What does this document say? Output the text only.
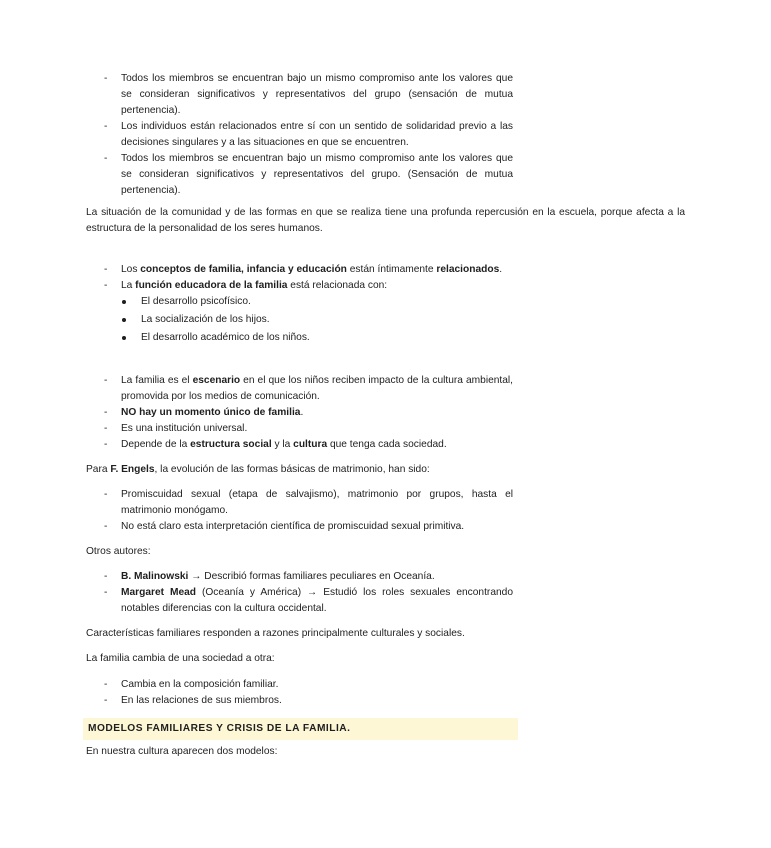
- Todos los miembros se encuentran bajo un mismo compromiso ante los valores que se consideran significativos y representativos del grupo (sensación de mutua pertenencia).
- Los individuos están relacionados entre sí con un sentido de solidaridad previo a las decisiones singulares y a las situaciones en que se encuentren.
- Todos los miembros se encuentran bajo un mismo compromiso ante los valores que se consideran significativos y representativos del grupo. (Sensación de mutua pertenencia).

La situación de la comunidad y de las formas en que se realiza tiene una profunda repercusión en la escuela, porque afecta a la estructura de la personalidad de los seres humanos.

- Los conceptos de familia, infancia y educación están íntimamente relacionados.
- La función educadora de la familia está relacionada con:
El desarrollo psicofísico.
La socialización de los hijos.
El desarrollo académico de los niños.
- La familia es el escenario en el que los niños reciben impacto de la cultura ambiental, promovida por los medios de comunicación.
- NO hay un momento único de familia.
- Es una institución universal.
- Depende de la estructura social y la cultura que tenga cada sociedad.

Para F. Engels, la evolución de las formas básicas de matrimonio, han sido:

- Promiscuidad sexual (etapa de salvajismo), matrimonio por grupos, hasta el matrimonio monógamo.
- No está claro esta interpretación científica de promiscuidad sexual primitiva.

Otros autores:

- B. Malinowski → Describió formas familiares peculiares en Oceanía.
- Margaret Mead (Oceanía y América) → Estudió los roles sexuales encontrando notables diferencias con la cultura occidental.

Características familiares responden a razones principalmente culturales y sociales.

La familia cambia de una sociedad a otra:

- Cambia en la composición familiar.
- En las relaciones de sus miembros.
MODELOS FAMILIARES Y CRISIS DE LA FAMILIA.

En nuestra cultura aparecen dos modelos:
